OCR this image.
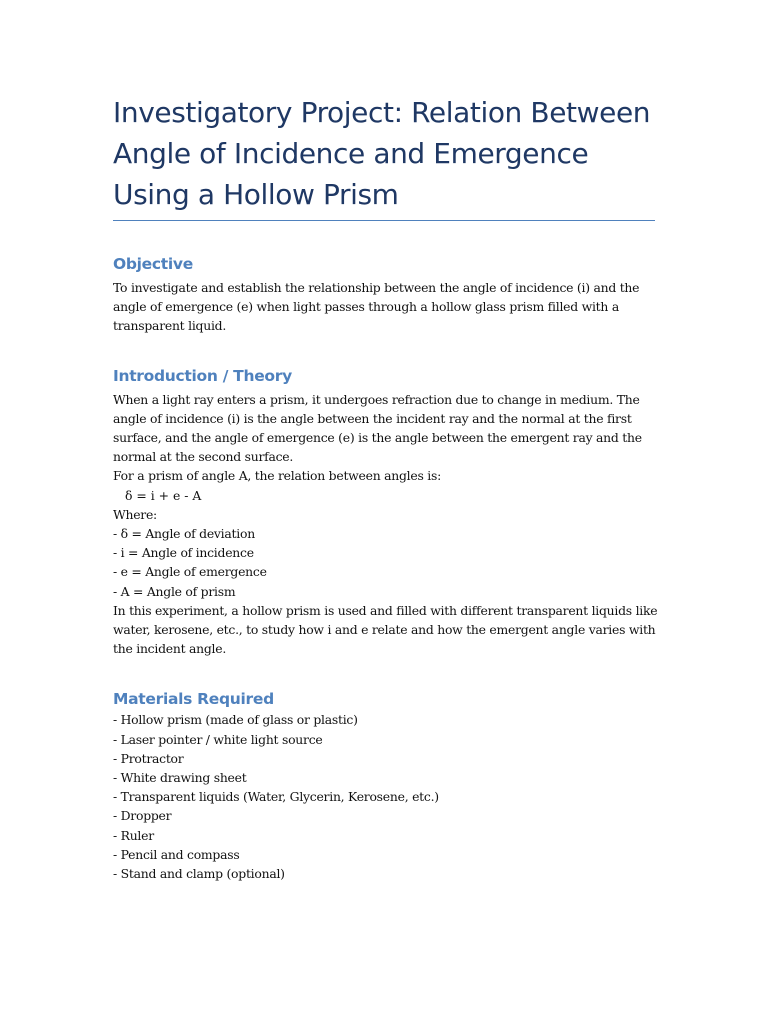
Investigatory Project: Relation Between Angle of Incidence and Emergence Using a Hollow Prism
Objective

To investigate and establish the relationship between the angle of incidence (i) and the angle of emergence (e) when light passes through a hollow glass prism filled with a transparent liquid.

Introduction / Theory

When a light ray enters a prism, it undergoes refraction due to change in medium. The angle of incidence (i) is the angle between the incident ray and the normal at the first surface, and the angle of emergence (e) is the angle between the emergent ray and the normal at the second surface.

For a prism of angle A, the relation between angles is:

δ = i + e - A

Where:

- δ = Angle of deviation
- i = Angle of incidence
- e = Angle of emergence
- A = Angle of prism

In this experiment, a hollow prism is used and filled with different transparent liquids like water, kerosene, etc., to study how i and e relate and how the emergent angle varies with the incident angle.

Materials Required
- Hollow prism (made of glass or plastic)
- Laser pointer / white light source
- Protractor
- White drawing sheet
- Transparent liquids (Water, Glycerin, Kerosene, etc.)
- Dropper
- Ruler
- Pencil and compass
- Stand and clamp (optional)
